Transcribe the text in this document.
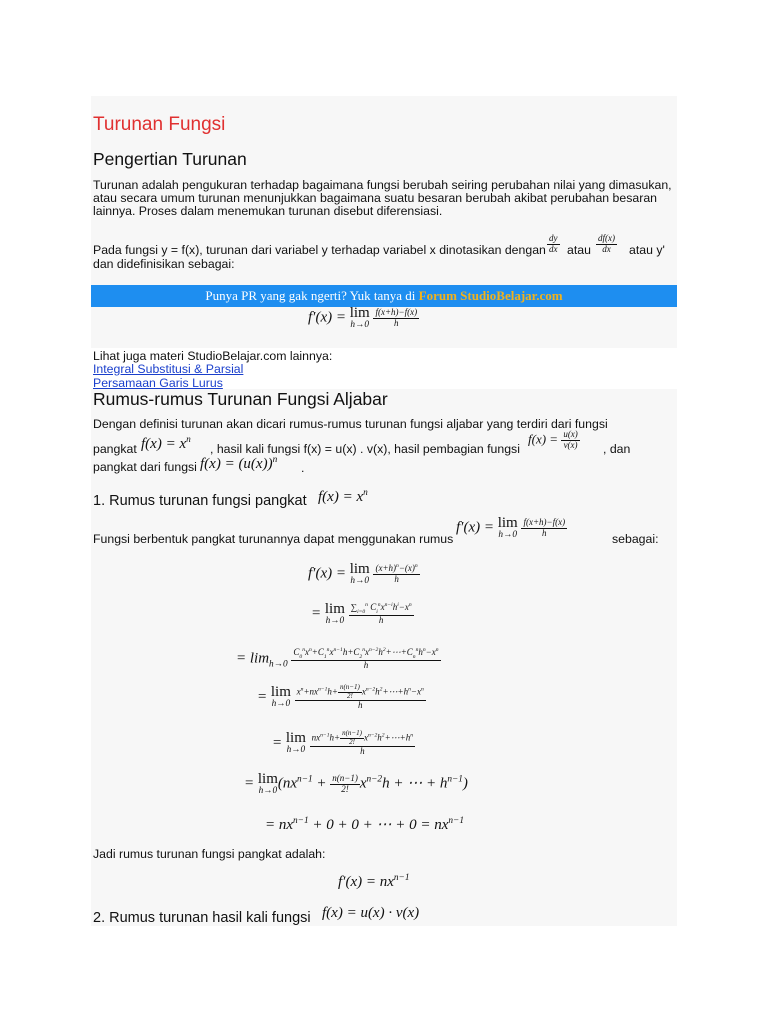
Turunan Fungsi
Pengertian Turunan
Turunan adalah pengukuran terhadap bagaimana fungsi berubah seiring perubahan nilai yang dimasukan,
atau secara umum turunan menunjukkan bagaimana suatu besaran berubah akibat perubahan besaran
lainnya. Proses dalam menemukan turunan disebut diferensiasi.
Pada fungsi y = f(x), turunan dari variabel y terhadap variabel x dinotasikan dengan $\frac{dy}{dx}$ atau $\frac{df(x)}{dx}$ atau y'
dan didefinisikan sebagai:
Punya PR yang gak ngerti? Yuk tanya di Forum StudioBelajar.com
f′(x) = lim
h→0
$\frac{f(x+h)-f(x)}{h}$
Lihat juga materi StudioBelajar.com lainnya:
Integral Substitusi & Parsial
Persamaan Garis Lurus
Rumus-rumus Turunan Fungsi Aljabar
Dengan definisi turunan akan dicari rumus-rumus turunan fungsi aljabar yang terdiri dari fungsi
pangkat $f(x) = x^n$
, hasil kali fungsi f(x) = u(x) . v(x), hasil pembagian fungsi
$f(x) = \frac{u(x)}{v(x)}$ , dan
pangkat dari fungsi $f(x) = (u(x))^n$
.
1. Rumus turunan fungsi pangkat $f(x) = x^n$
Fungsi berbentuk pangkat turunannya dapat menggunakan rumus
f′(x) = lim
h→0
$\frac{f(x+h)-f(x)}{h}$
sebagai:
f′(x) = lim
h→0
$\frac{(x+h)^n-(x)^n}{h}$
= lim
h→0
$\frac{\sum_{i=0}^n C_i^nx^{n-i}h^i-x^n}{h}$
= $\lim_{h\to 0} \frac{C_0^nx^n+C_1^nx^{n-1}h+C_2^nx^{n-2}h^2+\cdots+C_n^nh^n-x^n}{h}$
= lim
h→0
$\frac{x^n+nx^{n-1}h+ \frac{n(n-1)}{2!} x^{n-2}h^2+\cdots+h^n-x^n}{h}$
= lim
h→0
$\frac{nx^{n-1}h+ \frac{n(n-1)}{2!} x^{n-2}h^2+\cdots+h^n}{h}$
= lim
h→0 ($nx^{n-1} + \frac{n(n-1)}{2!} x^{n-2}h$ + ⋯ + $h^{n-1}$)
= $nx^{n-1} + 0 + 0$ + ⋯ + $0 = nx^{n-1}$
Jadi rumus turunan fungsi pangkat adalah:
$f'(x) = nx^{n-1}$
2. Rumus turunan hasil kali fungsi f(x) = u(x) · v(x)
